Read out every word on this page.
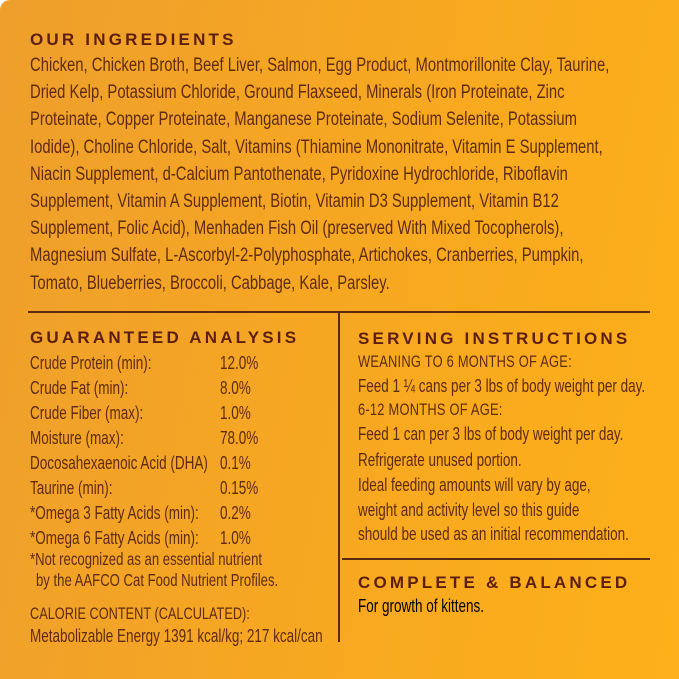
OUR INGREDIENTS
Chicken, Chicken Broth, Beef Liver, Salmon, Egg Product, Montmorillonite Clay, Taurine,
Dried Kelp, Potassium Chloride, Ground Flaxseed, Minerals (Iron Proteinate, Zinc
Proteinate, Copper Proteinate, Manganese Proteinate, Sodium Selenite, Potassium
Iodide), Choline Chloride, Salt, Vitamins (Thiamine Mononitrate, Vitamin E Supplement,
Niacin Supplement, d-Calcium Pantothenate, Pyridoxine Hydrochloride, Riboflavin
Supplement, Vitamin A Supplement, Biotin, Vitamin D3 Supplement, Vitamin B12
Supplement, Folic Acid), Menhaden Fish Oil (preserved With Mixed Tocopherols),
Magnesium Sulfate, L-Ascorbyl-2-Polyphosphate, Artichokes, Cranberries, Pumpkin,
Tomato, Blueberries, Broccoli, Cabbage, Kale, Parsley.
GUARANTEED ANALYSIS
Crude Protein (min):	12.0%
Crude Fat (min):	8.0%
Crude Fiber (max):	1.0%
Moisture (max):	78.0%
Docosahexaenoic Acid (DHA) 0.1%
Taurine (min):	0.15%
*Omega 3 Fatty Acids (min): 0.2%
*Omega 6 Fatty Acids (min): 1.0%
*Not recognized as an essential nutrient
by the AAFCO Cat Food Nutrient Profiles.
CALORIE CONTENT (CALCULATED):
Metabolizable Energy 1391 kcal/kg; 217 kcal/can
SERVING INSTRUCTIONS
WEANING TO 6 MONTHS OF AGE:
Feed 1 ¼ cans per 3 lbs of body weight per day.
6-12 MONTHS OF AGE:
Feed 1 can per 3 lbs of body weight per day.
Refrigerate unused portion.
Ideal feeding amounts will vary by age,
weight and activity level so this guide
should be used as an initial recommendation.
COMPLETE & BALANCED
For growth of kittens.
